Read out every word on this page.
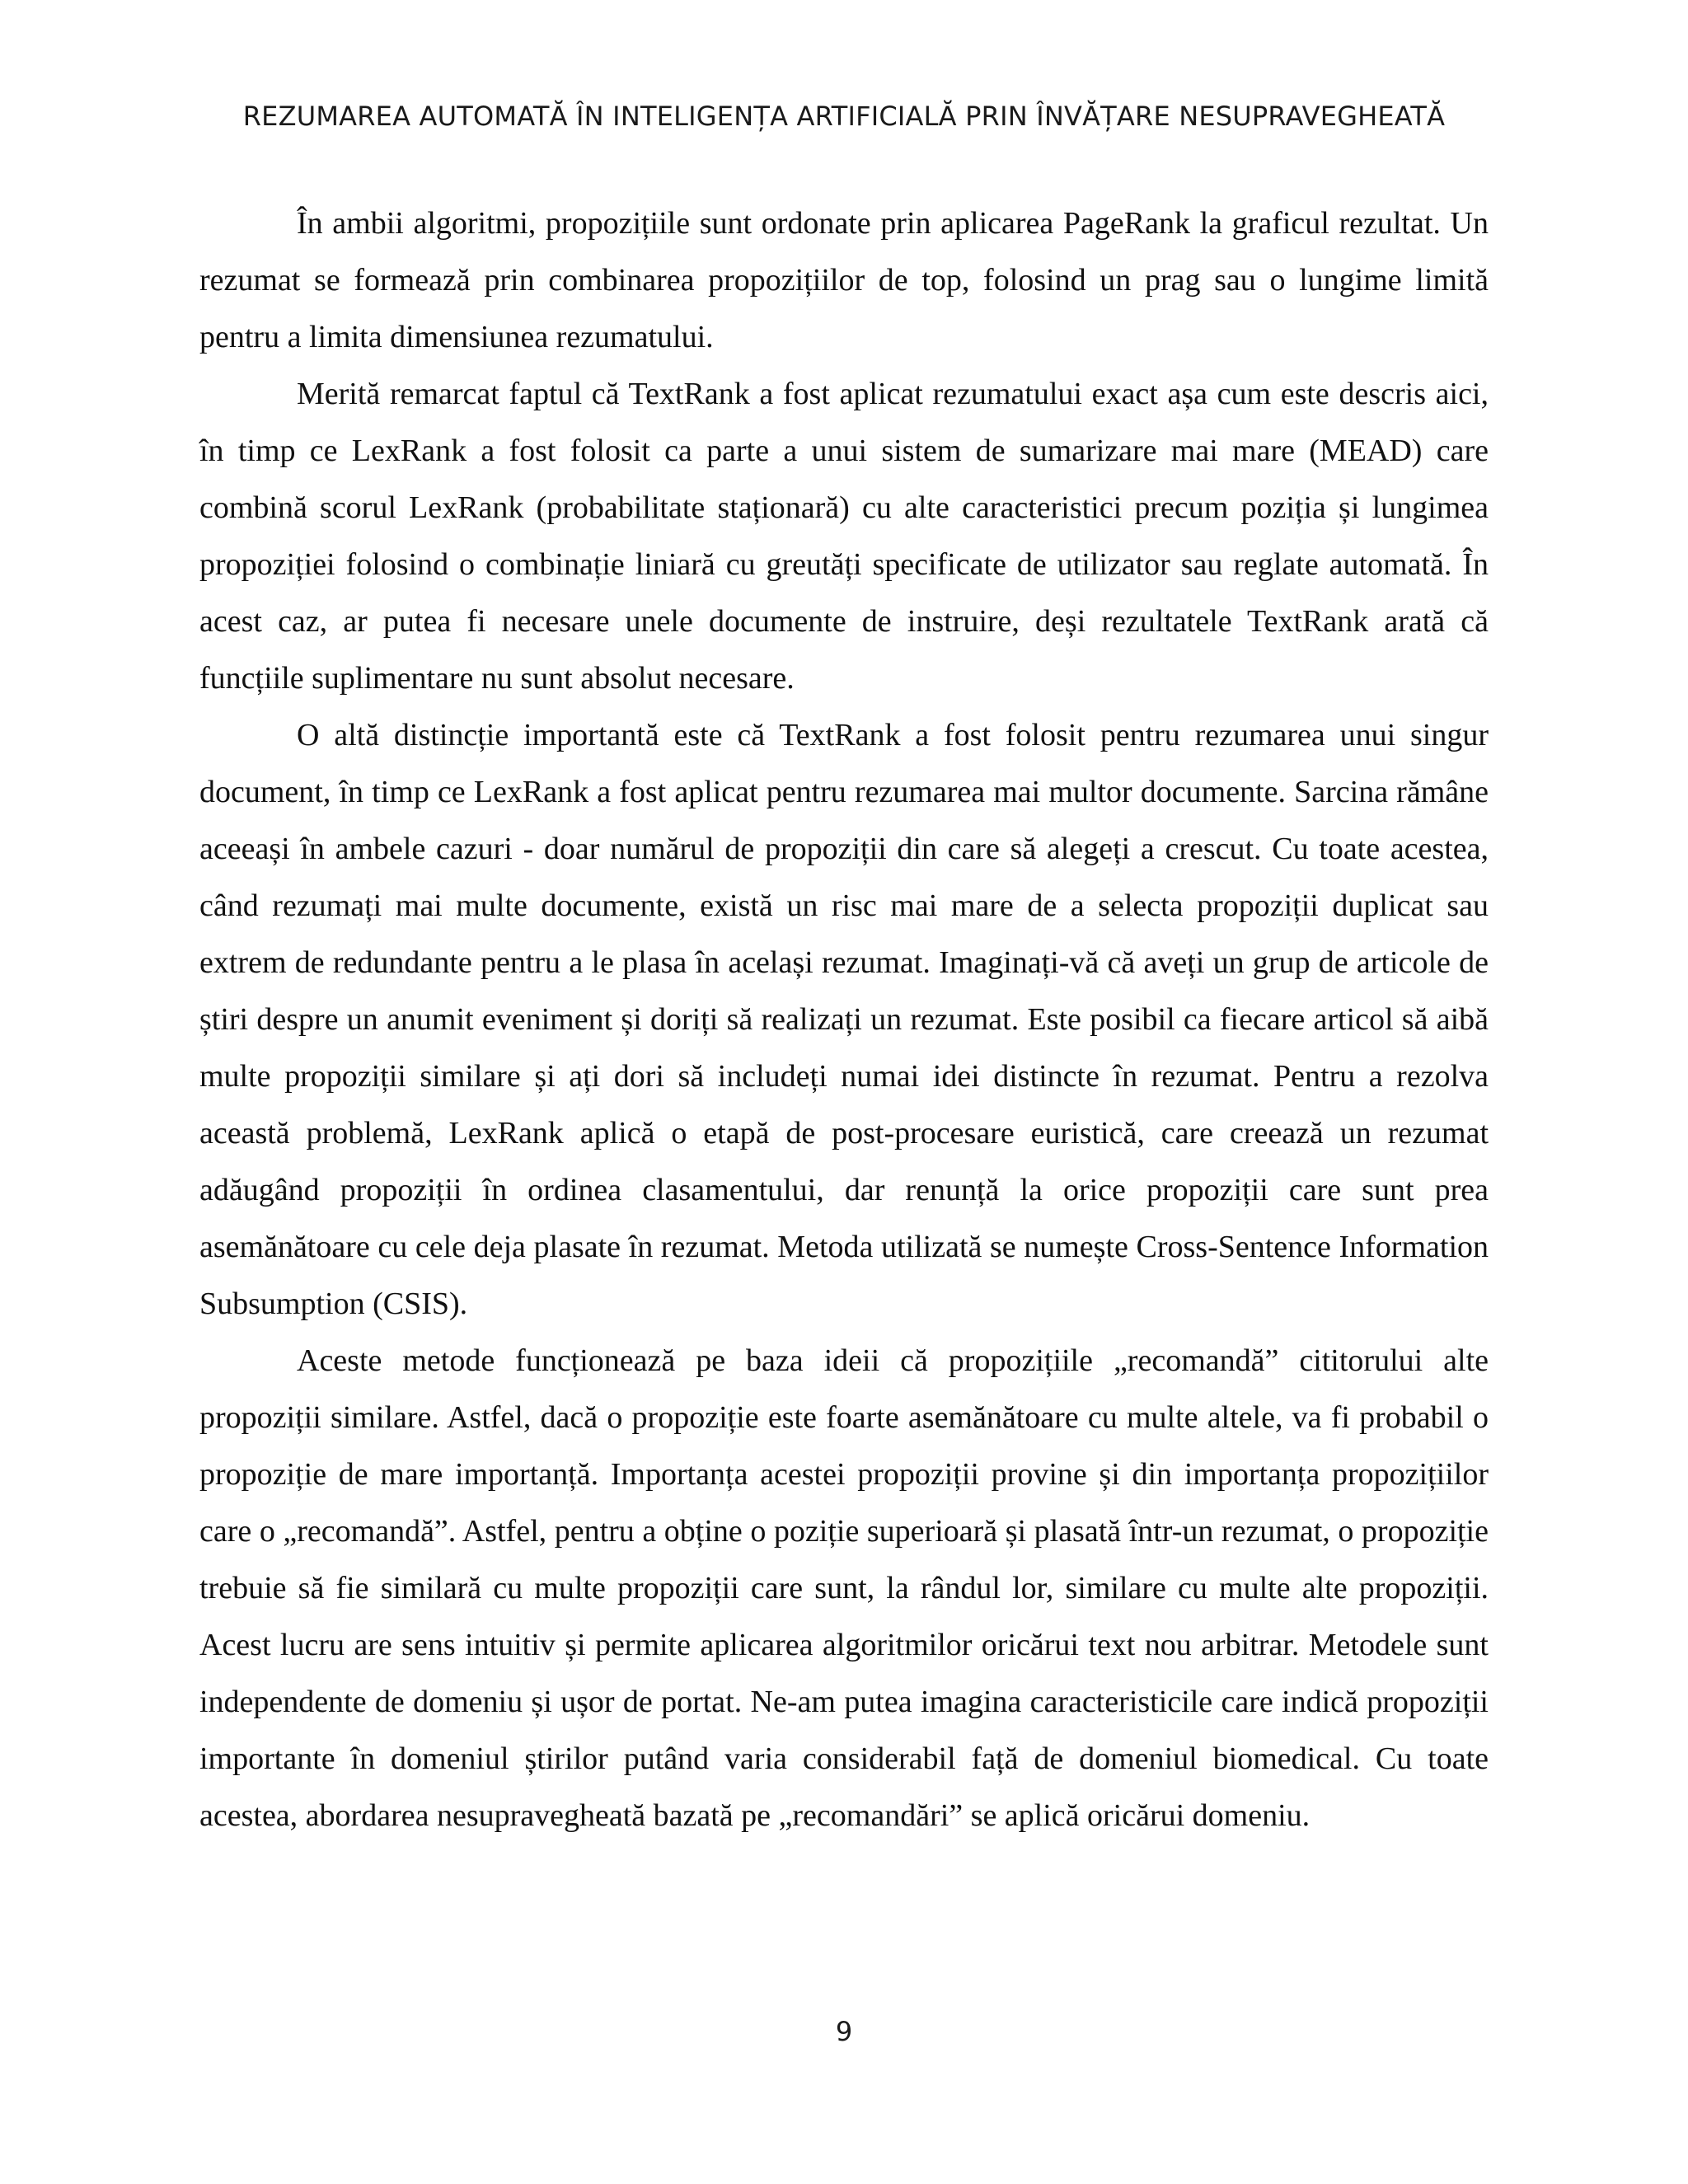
REZUMAREA AUTOMATĂ ÎN INTELIGENȚA ARTIFICIALĂ PRIN ÎNVĂȚARE NESUPRAVEGHEATĂ

În ambii algoritmi, propozițiile sunt ordonate prin aplicarea PageRank la graficul rezultat. Un rezumat se formează prin combinarea propozițiilor de top, folosind un prag sau o lungime limită pentru a limita dimensiunea rezumatului.

Merită remarcat faptul că TextRank a fost aplicat rezumatului exact așa cum este descris aici, în timp ce LexRank a fost folosit ca parte a unui sistem de sumarizare mai mare (MEAD) care combină scorul LexRank (probabilitate staționară) cu alte caracteristici precum poziția și lungimea propoziției folosind o combinație liniară cu greutăți specificate de utilizator sau reglate automată. În acest caz, ar putea fi necesare unele documente de instruire, deși rezultatele TextRank arată că funcțiile suplimentare nu sunt absolut necesare.

O altă distincție importantă este că TextRank a fost folosit pentru rezumarea unui singur document, în timp ce LexRank a fost aplicat pentru rezumarea mai multor documente. Sarcina rămâne aceeași în ambele cazuri - doar numărul de propoziții din care să alegeți a crescut. Cu toate acestea, când rezumați mai multe documente, există un risc mai mare de a selecta propoziții duplicat sau extrem de redundante pentru a le plasa în același rezumat. Imaginați-vă că aveți un grup de articole de știri despre un anumit eveniment și doriți să realizați un rezumat. Este posibil ca fiecare articol să aibă multe propoziții similare și ați dori să includeți numai idei distincte în rezumat. Pentru a rezolva această problemă, LexRank aplică o etapă de post-procesare euristică, care creează un rezumat adăugând propoziții în ordinea clasamentului, dar renunță la orice propoziții care sunt prea asemănătoare cu cele deja plasate în rezumat. Metoda utilizată se numește Cross-Sentence Information Subsumption (CSIS).

Aceste metode funcționează pe baza ideii că propozițiile „recomandă” cititorului alte propoziții similare. Astfel, dacă o propoziție este foarte asemănătoare cu multe altele, va fi probabil o propoziție de mare importanță. Importanța acestei propoziții provine și din importanța propozițiilor care o „recomandă”. Astfel, pentru a obține o poziție superioară și plasată într-un rezumat, o propoziție trebuie să fie similară cu multe propoziții care sunt, la rândul lor, similare cu multe alte propoziții. Acest lucru are sens intuitiv și permite aplicarea algoritmilor oricărui text nou arbitrar. Metodele sunt independente de domeniu și ușor de portat. Ne-am putea imagina caracteristicile care indică propoziții importante în domeniul știrilor putând varia considerabil față de domeniul biomedical. Cu toate acestea, abordarea nesupravegheată bazată pe „recomandări” se aplică oricărui domeniu.

9
